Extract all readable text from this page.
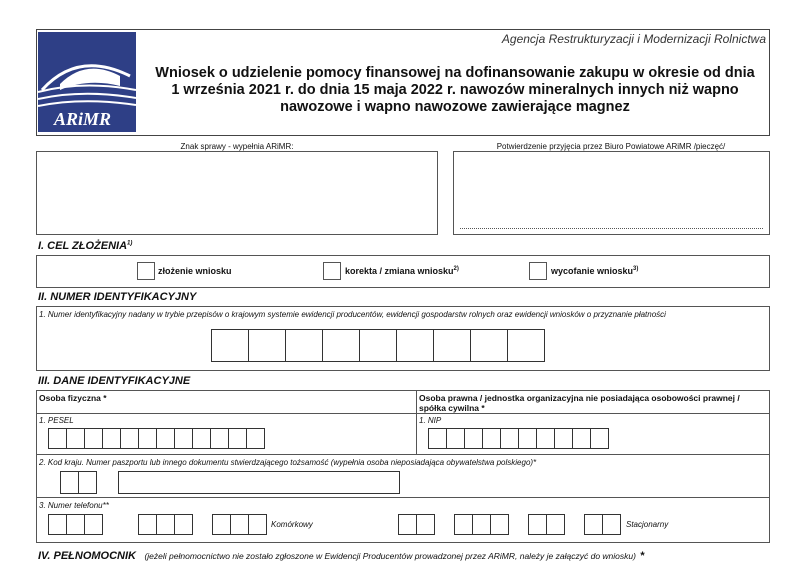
ARiMR
Agencja Restrukturyzacji i Modernizacji Rolnictwa
Wniosek o udzielenie pomocy finansowej na dofinansowanie zakupu w okresie od dnia
1 września 2021 r. do dnia 15 maja 2022 r. nawozów mineralnych innych niż wapno
nawozowe i wapno nawozowe zawierające magnez
Znak sprawy - wypełnia ARiMR:	Potwierdzenie przyjęcia przez Biuro Powiatowe ARiMR /pieczęć/
I. CEL ZŁOŻENIA$^{1)}$
złożenie wniosku	korekta / zmiana wniosku$^{2)}$	wycofanie wniosku$^{3)}$
II. NUMER IDENTYFIKACYJNY
1. Numer identyfikacyjny nadany w trybie przepisów o krajowym systemie ewidencji producentów, ewidencji gospodarstw rolnych oraz ewidencji wniosków o przyznanie płatności
III. DANE IDENTYFIKACYJNE
Osoba fizyczna *	Osoba prawna / jednostka organizacyjna nie posiadająca osobowości prawnej / spółka cywilna *
1. PESEL	1. NIP
2. Kod kraju. Numer paszportu lub innego dokumentu stwierdzającego tożsamość (wypełnia osoba nieposiadająca obywatelstwa polskiego)*
3. Numer telefonu**
Komórkowy	Stacjonarny
IV. PEŁNOMOCNIK (jeżeli pełnomocnictwo nie zostało zgłoszone w Ewidencji Producentów prowadzonej przez ARiMR, należy je załączyć do wniosku) *
